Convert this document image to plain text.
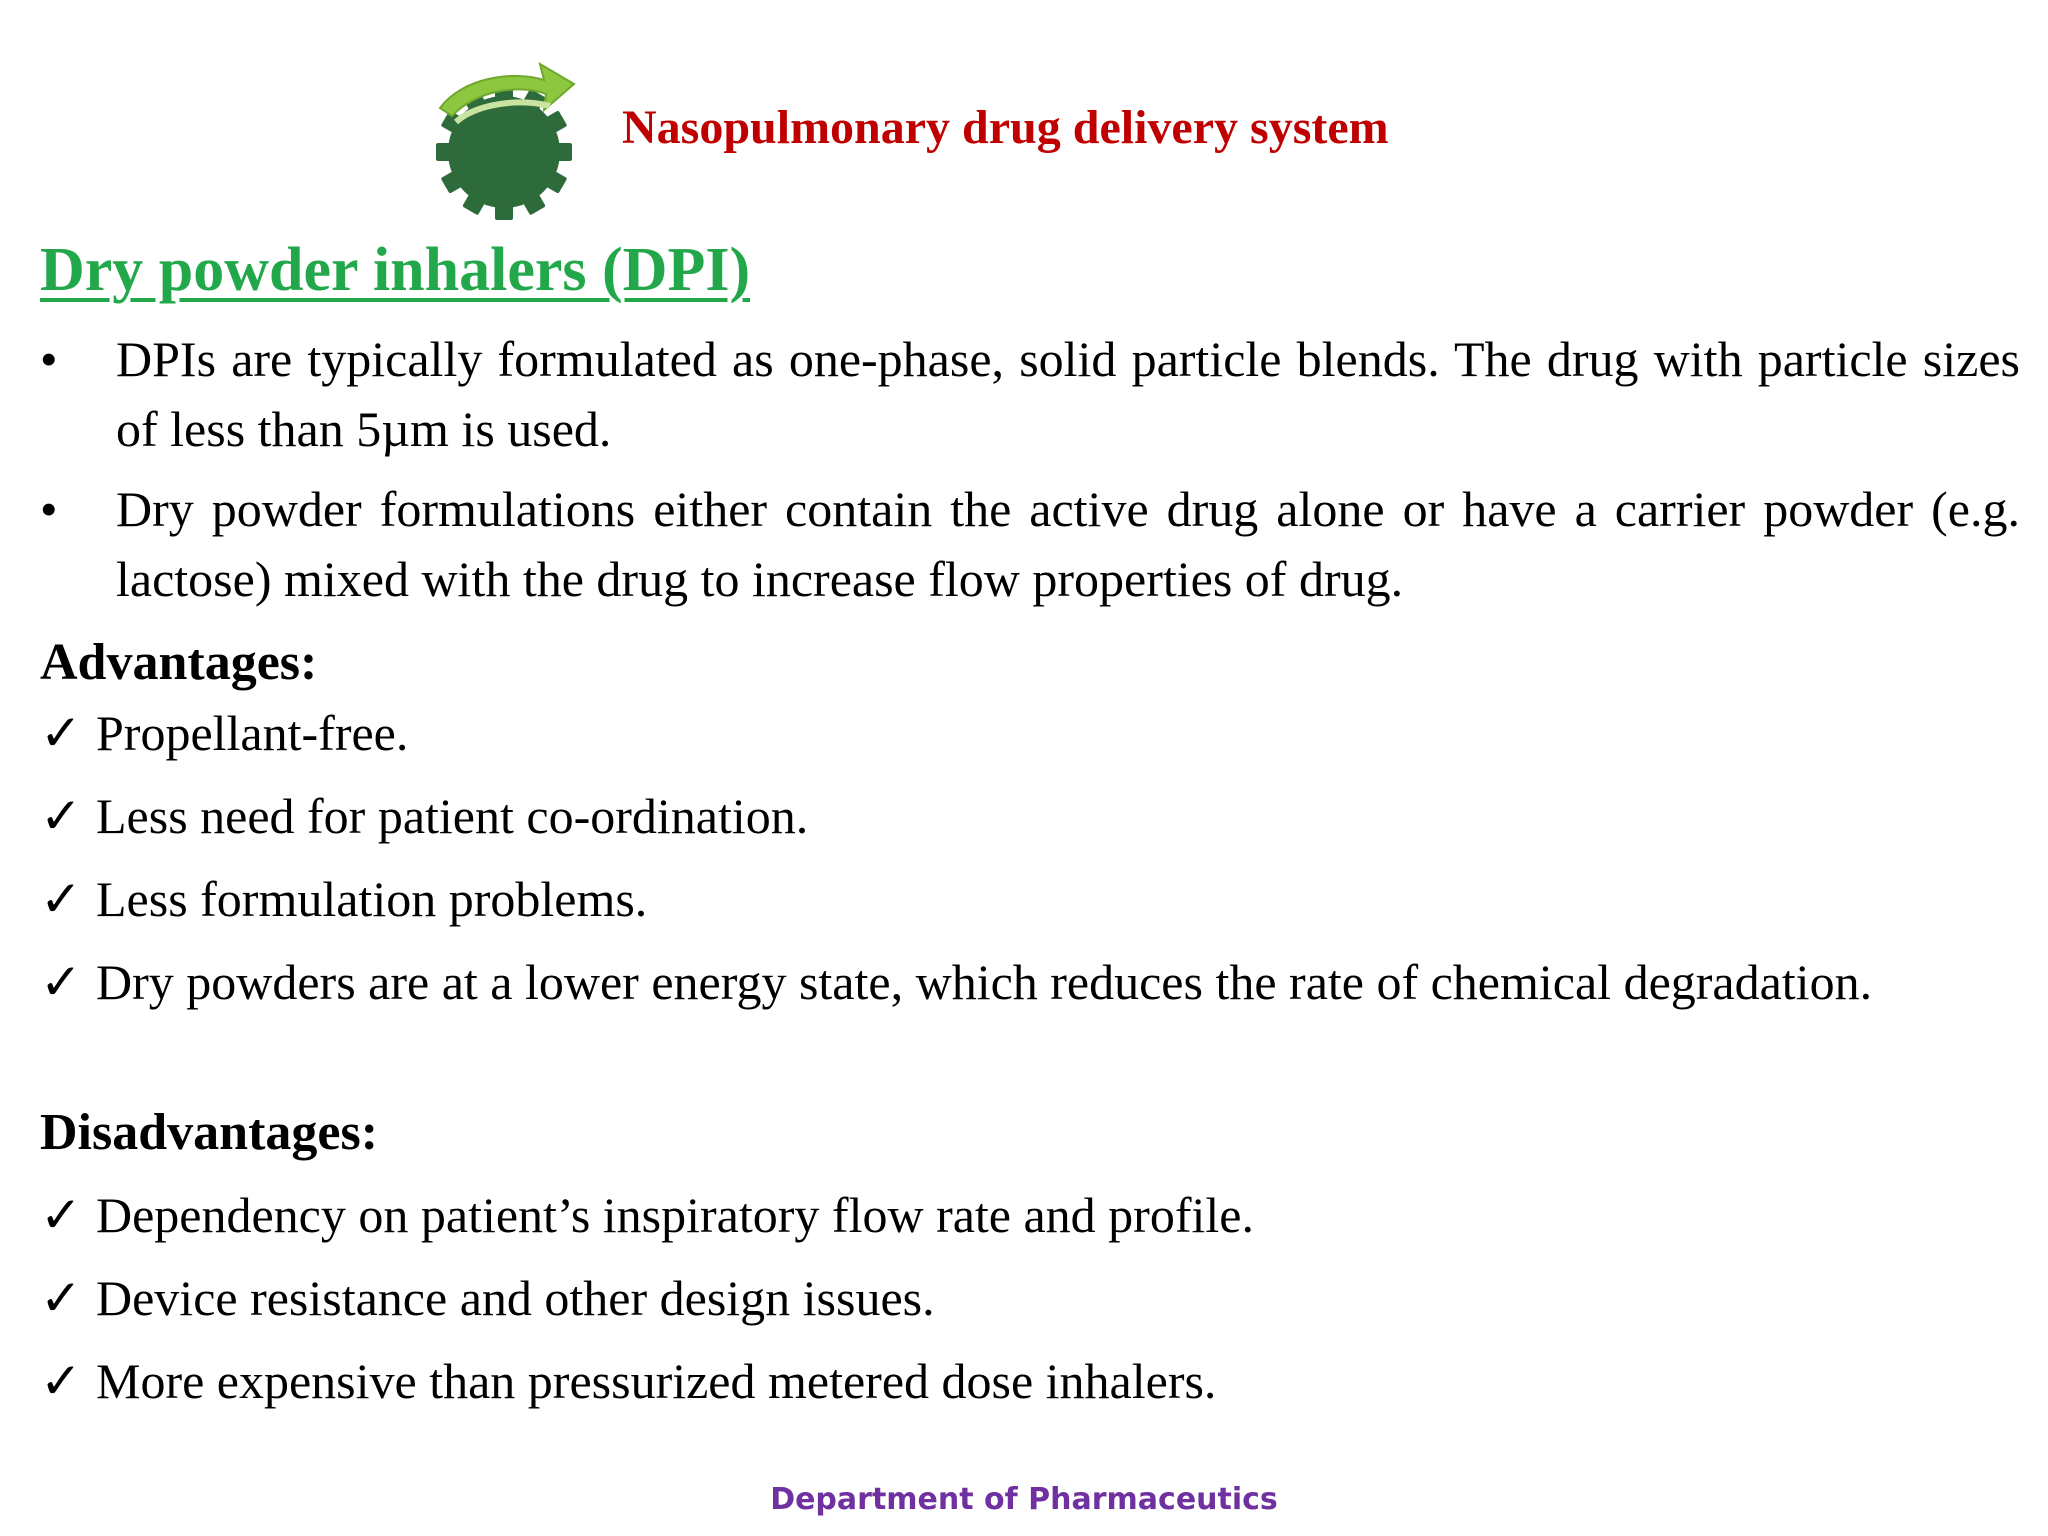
Nasopulmonary drug delivery system
Dry powder inhalers (DPI)
•	DPIs are typically formulated as one-phase, solid particle blends. The drug with particle sizes of less than 5µm is used.
•	Dry powder formulations either contain the active drug alone or have a carrier powder (e.g. lactose) mixed with the drug to increase flow properties of drug.
Advantages:
✓ Propellant-free.
✓ Less need for patient co-ordination.
✓ Less formulation problems.
✓ Dry powders are at a lower energy state, which reduces the rate of chemical degradation.
Disadvantages:
✓ Dependency on patient’s inspiratory flow rate and profile.
✓ Device resistance and other design issues.
✓ More expensive than pressurized metered dose inhalers.
Department of Pharmaceutics
